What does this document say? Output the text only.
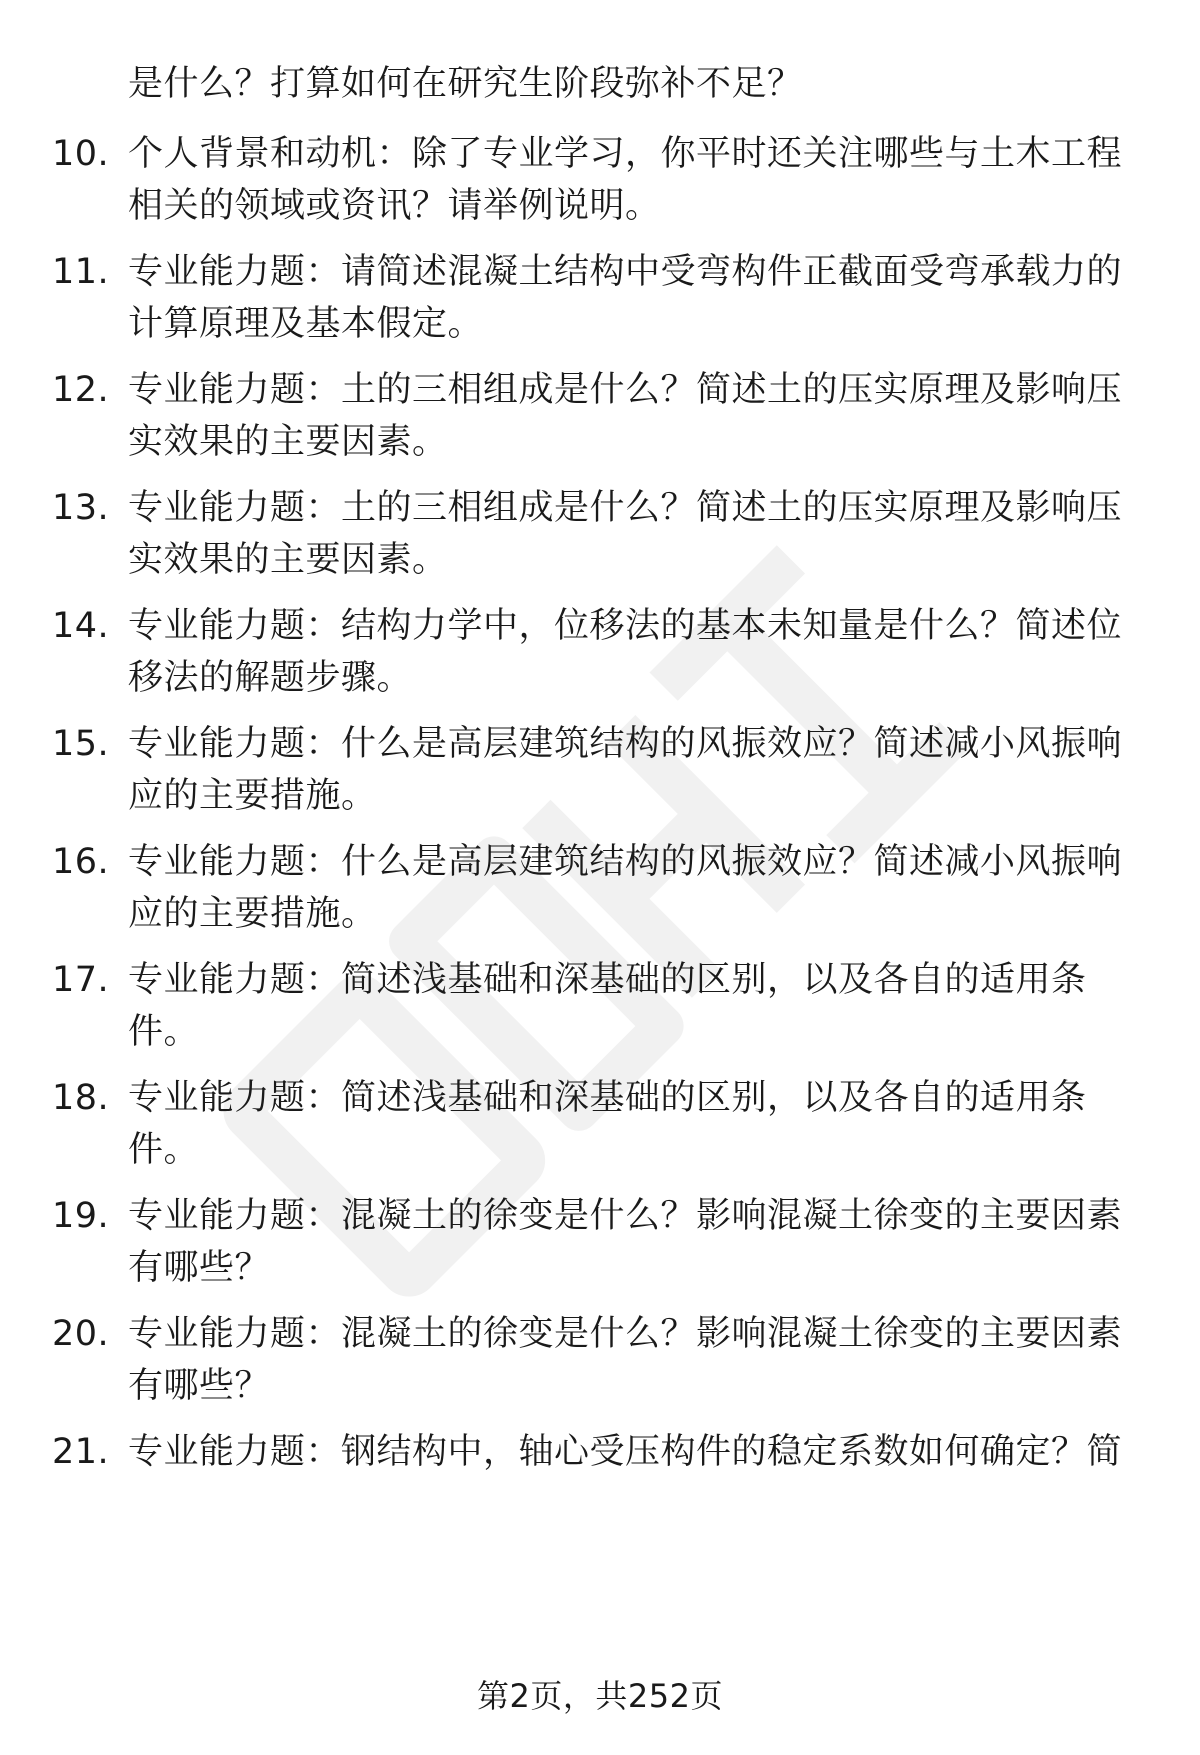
是什么？打算如何在研究生阶段弥补不足？
10. 个人背景和动机：除了专业学习，你平时还关注哪些与土木工程相关的领域或资讯？请举例说明。
11. 专业能力题：请简述混凝土结构中受弯构件正截面受弯承载力的计算原理及基本假定。
12. 专业能力题：土的三相组成是什么？简述土的压实原理及影响压实效果的主要因素。
13. 专业能力题：土的三相组成是什么？简述土的压实原理及影响压实效果的主要因素。
14. 专业能力题：结构力学中，位移法的基本未知量是什么？简述位移法的解题步骤。
15. 专业能力题：什么是高层建筑结构的风振效应？简述减小风振响应的主要措施。
16. 专业能力题：什么是高层建筑结构的风振效应？简述减小风振响应的主要措施。
17. 专业能力题：简述浅基础和深基础的区别，以及各自的适用条件。
18. 专业能力题：简述浅基础和深基础的区别，以及各自的适用条件。
19. 专业能力题：混凝土的徐变是什么？影响混凝土徐变的主要因素有哪些？
20. 专业能力题：混凝土的徐变是什么？影响混凝土徐变的主要因素有哪些？
21. 专业能力题：钢结构中，轴心受压构件的稳定系数如何确定？简
第2页，共252页
